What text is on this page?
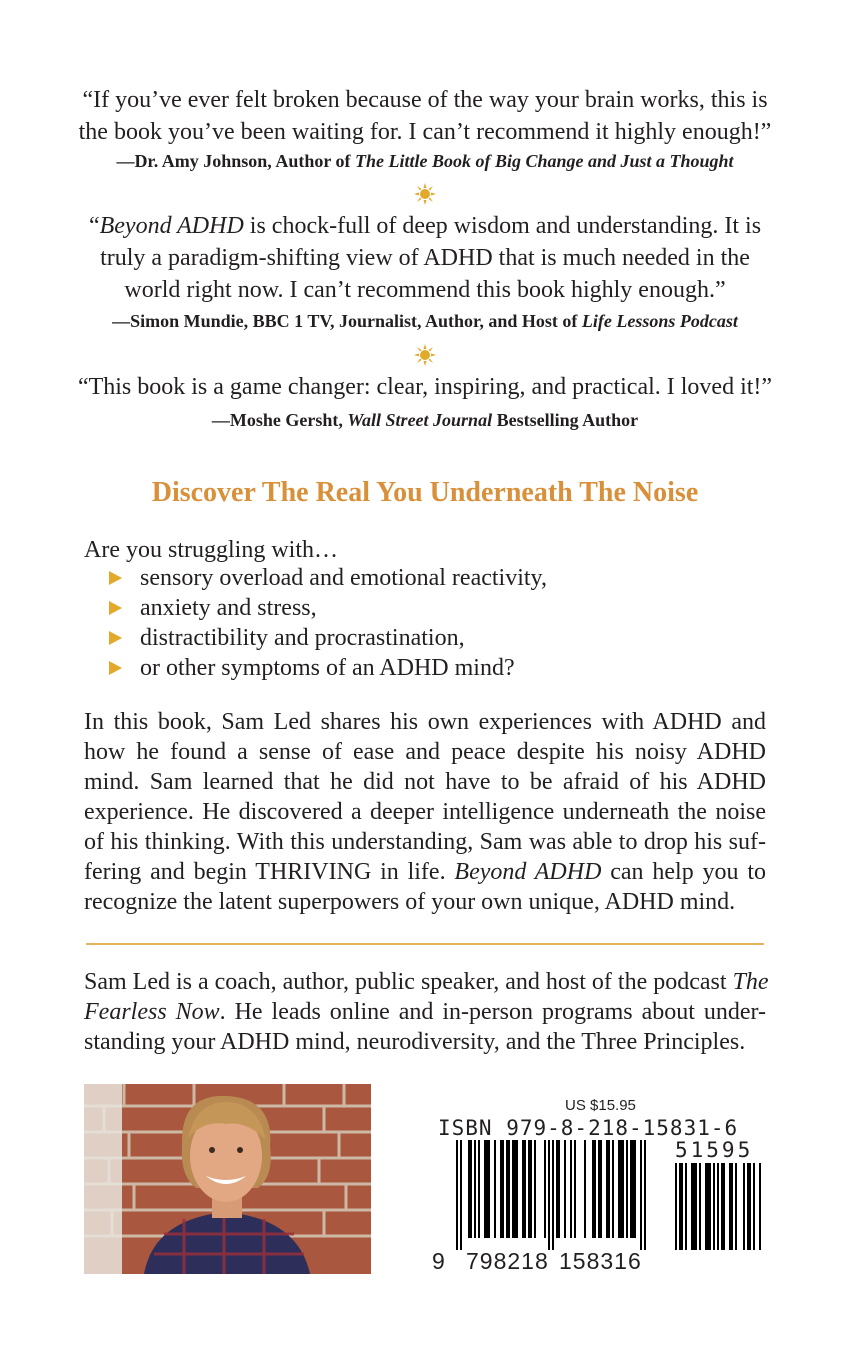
“If you’ve ever felt broken because of the way your brain works, this is
the book you’ve been waiting for. I can’t recommend it highly enough!”
—Dr. Amy Johnson, Author of The Little Book of Big Change and Just a Thought
“Beyond ADHD is chock-full of deep wisdom and understanding. It is
truly a paradigm-shifting view of ADHD that is much needed in the
world right now. I can’t recommend this book highly enough.”
—Simon Mundie, BBC 1 TV, Journalist, Author, and Host of Life Lessons Podcast
“This book is a game changer: clear, inspiring, and practical. I loved it!”
—Moshe Gersht, Wall Street Journal Bestselling Author
Discover The Real You Underneath The Noise
Are you struggling with…
sensory overload and emotional reactivity,
anxiety and stress,
distractibility and procrastination,
or other symptoms of an ADHD mind?
In this book, Sam Led shares his own experiences with ADHD and
how he found a sense of ease and peace despite his noisy ADHD
mind. Sam learned that he did not have to be afraid of his ADHD
experience. He discovered a deeper intelligence underneath the noise
of his thinking. With this understanding, Sam was able to drop his suf-
fering and begin THRIVING in life. Beyond ADHD can help you to
recognize the latent superpowers of your own unique, ADHD mind.
Sam Led is a coach, author, public speaker, and host of the podcast The
Fearless Now. He leads online and in-person programs about under-
standing your ADHD mind, neurodiversity, and the Three Principles.
US $15.95
ISBN 979-8-218-15831-6
51595
9 798218 158316
